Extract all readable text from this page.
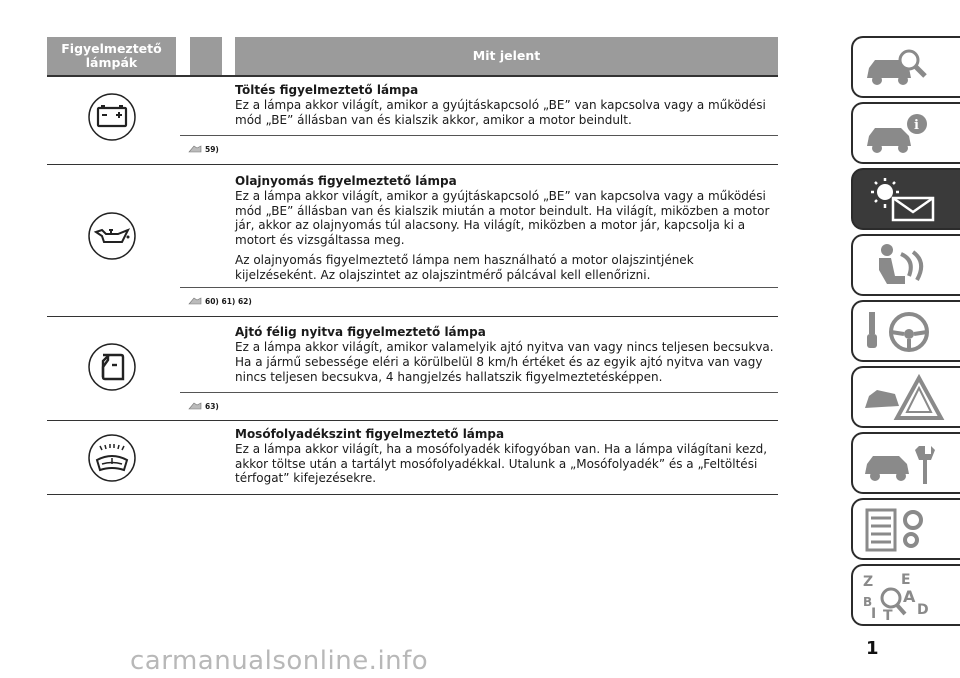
Figyelmeztető
lámpák	Mit jelent
Töltés figyelmeztető lámpa
Ez a lámpa akkor világít, amikor a gyújtáskapcsoló „BE” van kapcsolva vagy a működési mód „BE” állásban van és kialszik akkor, amikor a motor beindult.
59)
Olajnyomás figyelmeztető lámpa
Ez a lámpa akkor világít, amikor a gyújtáskapcsoló „BE” van kapcsolva vagy a működési mód „BE” állásban van és kialszik miután a motor beindult. Ha világít, miközben a motor jár, akkor az olajnyomás túl alacsony. Ha világít, miközben a motor jár, kapcsolja ki a motort és vizsgáltassa meg.
Az olajnyomás figyelmeztető lámpa nem használható a motor olajszintjének kijelzéseként. Az olajszintet az olajszintmérő pálcával kell ellenőrizni.
60) 61) 62)
Ajtó félig nyitva figyelmeztető lámpa
Ez a lámpa akkor világít, amikor valamelyik ajtó nyitva van vagy nincs teljesen becsukva.
Ha a jármű sebessége eléri a körülbelül 8 km/h értéket és az egyik ajtó nyitva van vagy nincs teljesen becsukva, 4 hangjelzés hallatszik figyelmeztetésképpen.
63)
Mosófolyadékszint figyelmeztető lámpa
Ez a lámpa akkor világít, ha a mosófolyadék kifogyóban van. Ha a lámpa világítani kezd, akkor töltse után a tartályt mosófolyadékkal. Utalunk a „Mosófolyadék” és a „Feltöltési térfogat” kifejezésekre.
i
Z E
B A
D
I T
1
carmanualsonline.info
